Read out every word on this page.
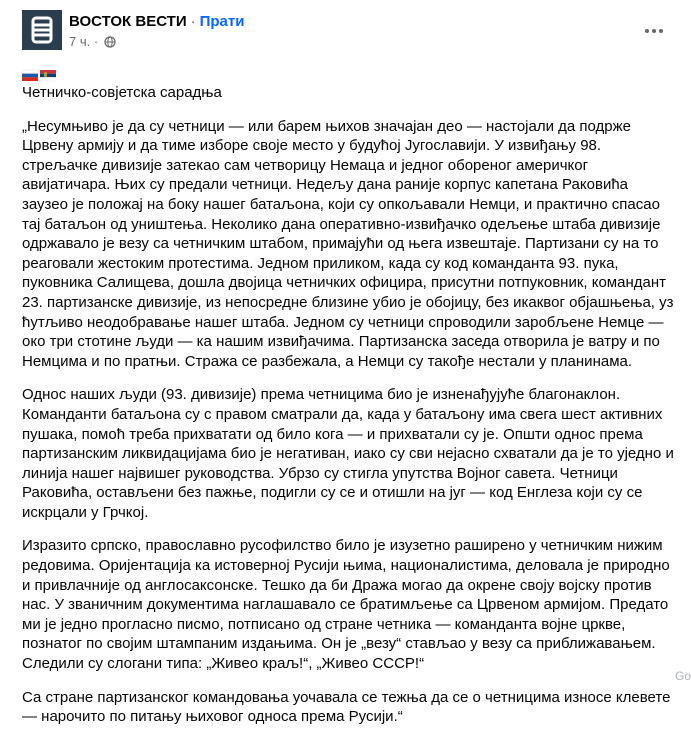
ВОСТОК ВЕСТИ · Прати
7 ч. ·
Четничко-совјетска сарадња
„Несумњиво је да су четници — или барем њихов значајан део — настојали да подрже Црвену армију и да тиме изборе своје место у будућој Југославији. У извиђању 98. стрељачке дивизије затекао сам четворицу Немаца и једног обореног америчког авијатичара. Њих су предали четници. Недељу дана раније корпус капетана Раковића заузео је положај на боку нашег батаљона, који су опкољавали Немци, и практично спасао тај батаљон од уништења. Неколико дана оперативно-извиђачко одељење штаба дивизије одржавало је везу са четничким штабом, примајући од њега извештаје. Партизани су на то реаговали жестоким протестима. Једном приликом, када су код команданта 93. пука, пуковника Салищева, дошла двојица четничких официра, присутни потпуковник, командант 23. партизанске дивизије, из непосредне близине убио је обојицу, без икаквог објашњења, уз ћутљиво неодобравање нашег штаба. Једном су четници спроводили заробљене Немце — око три стотине људи — ка нашим извиђачима. Партизанска заседа отворила је ватру и по Немцима и по пратњи. Стража се разбежала, а Немци су такође нестали у планинама.
Однос наших људи (93. дивизије) према четницима био је изненађујуће благонаклон. Команданти батаљона су с правом сматрали да, када у батаљону има свега шест активних пушака, помоћ треба прихватати од било кога — и прихватали су је. Општи однос према партизанским ликвидацијама био је негативан, иако су сви нејасно схватали да је то уједно и линија нашег највишег руководства. Убрзо су стигла упутства Војног савета. Четници Раковића, остављени без пажње, подигли су се и отишли на југ — код Енглеза који су се искрцали у Грчкој.
Изразито српско, православно русофилство било је изузетно раширено у четничким нижим редовима. Оријентација ка истоверној Русији њима, националистима, деловала је природно и привлачније од англосаксонске. Тешко да би Дража могао да окрене своју војску против нас. У званичним документима наглашавало се братимљење са Црвеном армијом. Предато ми је једно прогласно писмо, потписано од стране четника — команданта војне цркве, познатог по својим штампаним издањима. Он је „везу“ стављао у везу са приближавањем. Следили су слогани типа: „Живео краљ!“, „Живео СССР!“
Са стране партизанског командовања уочавала се тежња да се о четницима износе клевете — нарочито по питању њиховог односа према Русији.“
Go
